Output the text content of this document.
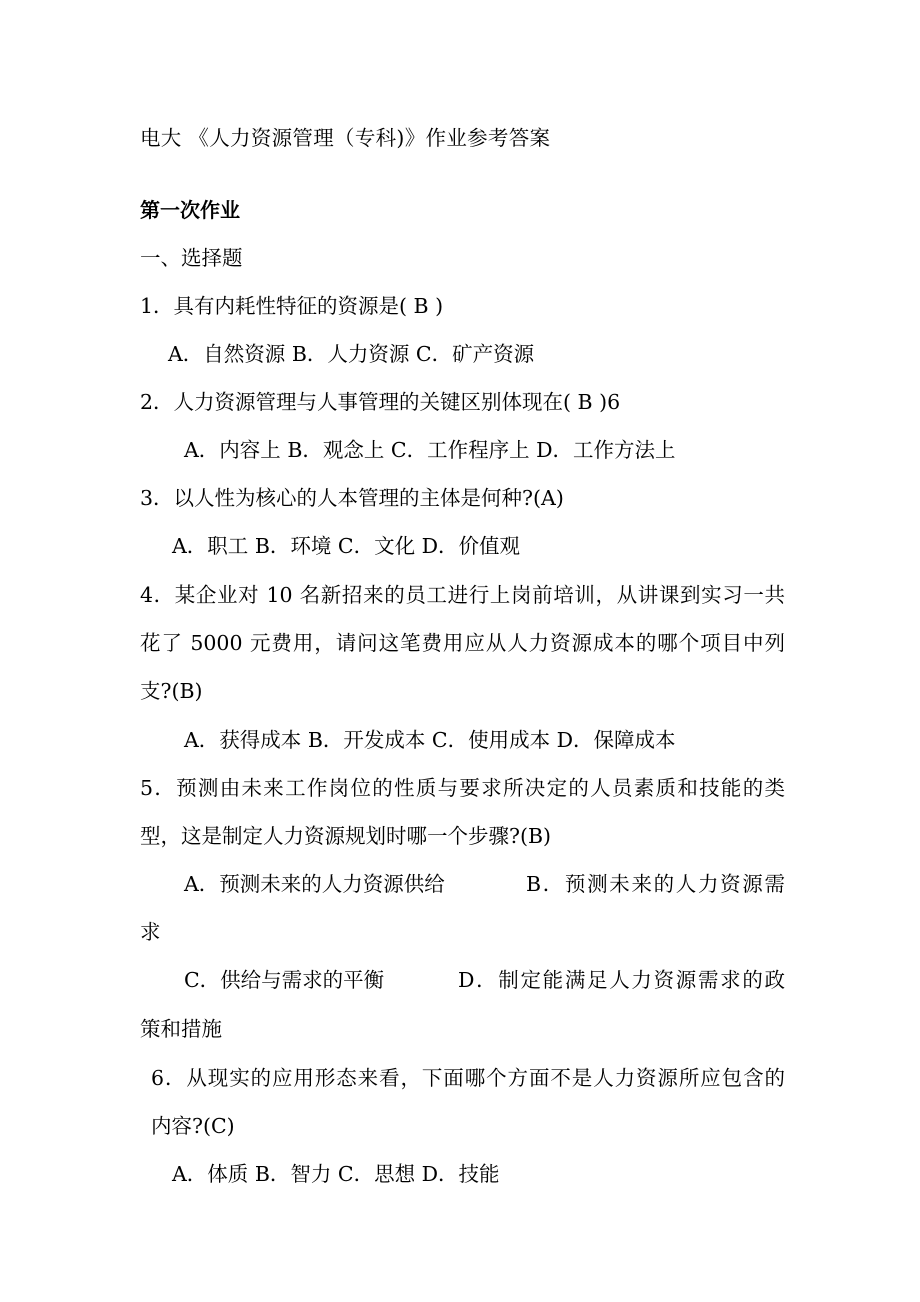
电大 《人力资源管理（专科)》作业参考答案

第一次作业

一、选择题

1．具有内耗性特征的资源是( B )

A．自然资源 B．人力资源 C．矿产资源

2．人力资源管理与人事管理的关键区别体现在( B )6

A．内容上 B．观念上 C．工作程序上 D．工作方法上

3．以人性为核心的人本管理的主体是何种?(A)

A．职工 B．环境 C．文化 D．价值观

4．某企业对 10 名新招来的员工进行上岗前培训，从讲课到实习一共

花了 5000 元费用，请问这笔费用应从人力资源成本的哪个项目中列

支?(B)

A．获得成本 B．开发成本 C．使用成本 D．保障成本

5．预测由未来工作岗位的性质与要求所决定的人员素质和技能的类

型，这是制定人力资源规划时哪一个步骤?(B)

A．预测未来的人力资源供给	B．预测未来的人力资源需

求

C．供给与需求的平衡	D．制定能满足人力资源需求的政

策和措施

6．从现实的应用形态来看，下面哪个方面不是人力资源所应包含的

内容?(C)

A．体质 B．智力 C．思想 D．技能
